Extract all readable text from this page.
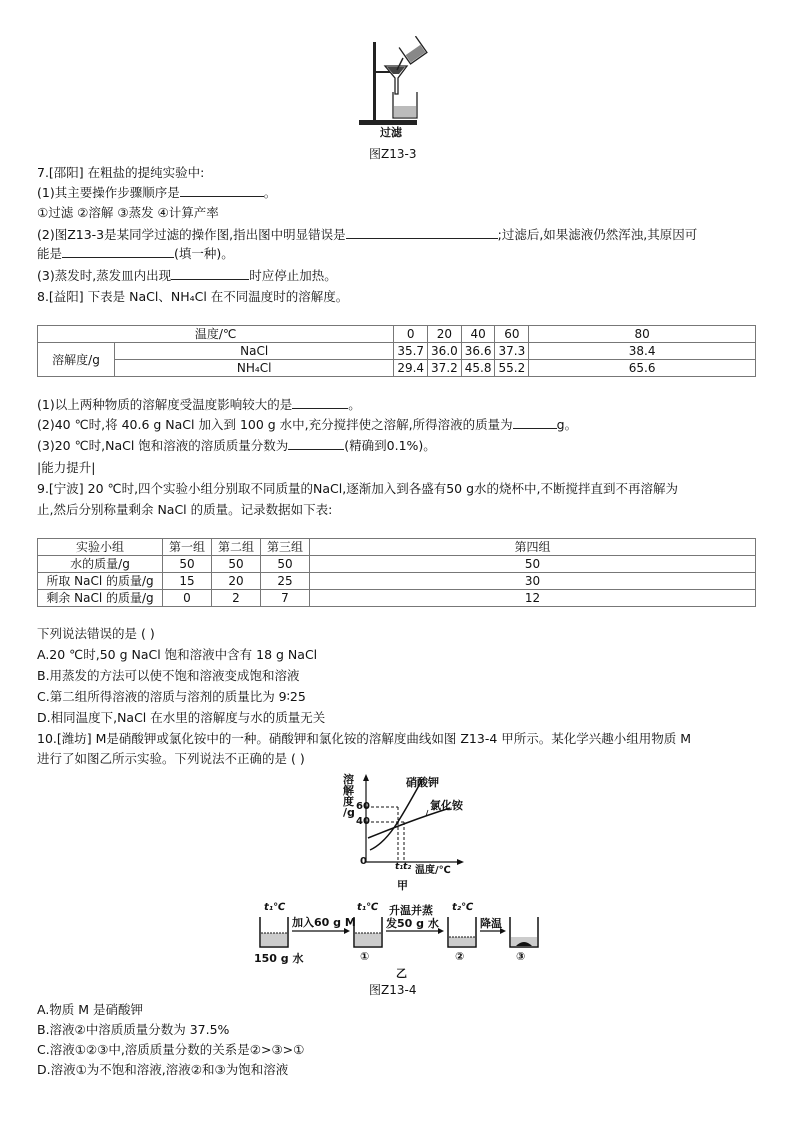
过滤
图Z13-3
7.[邵阳] 在粗盐的提纯实验中:
(1)其主要操作步骤顺序是	。
①过滤 ②溶解 ③蒸发 ④计算产率
(2)图Z13-3是某同学过滤的操作图,指出图中明显错误是	;过滤后,如果滤液仍然浑浊,其原因可
能是	(填一种)。
(3)蒸发时,蒸发皿内出现	时应停止加热。
8.[益阳] 下表是 NaCl、NH₄Cl 在不同温度时的溶解度。
温度/℃		0	20	40	60	80
溶解度/g	NaCl	35.7	36.0	36.6	37.3	38.4
	NH₄Cl	29.4	37.2	45.8	55.2	65.6
(1)以上两种物质的溶解度受温度影响较大的是	。
(2)40 ℃时,将 40.6 g NaCl 加入到 100 g 水中,充分搅拌使之溶解,所得溶液的质量为	g。
(3)20 ℃时,NaCl 饱和溶液的溶质质量分数为	(精确到0.1%)。
|能力提升|
9.[宁波] 20 ℃时,四个实验小组分别取不同质量的NaCl,逐渐加入到各盛有50 g水的烧杯中,不断搅拌直到不再溶解为
止,然后分别称量剩余 NaCl 的质量。记录数据如下表:
实验小组	第一组	第二组	第三组	第四组
水的质量/g	50	50	50	50
所取 NaCl 的质量/g	15	20	25	30
剩余 NaCl 的质量/g	0	2	7	12
下列说法错误的是 ( )
A.20 ℃时,50 g NaCl 饱和溶液中含有 18 g NaCl
B.用蒸发的方法可以使不饱和溶液变成饱和溶液
C.第二组所得溶液的溶质与溶剂的质量比为 9∶25
D.相同温度下,NaCl 在水里的溶解度与水的质量无关
10.[潍坊] M是硝酸钾或氯化铵中的一种。硝酸钾和氯化铵的溶解度曲线如图 Z13-4 甲所示。某化学兴趣小组用物质 M
进行了如图乙所示实验。下列说法不正确的是 ( )
溶
解
度
/g 60
40
0	t₁ t₂ 温度/℃
硝酸钾
氯化铵
甲
t₁℃
加入60 g M
t₁℃ 升温并蒸
发50 g 水
t₂℃
降温
150 g 水	①	②	③
乙
图Z13-4
A.物质 M 是硝酸钾
B.溶液②中溶质质量分数为 37.5%
C.溶液①②③中,溶质质量分数的关系是②>③>①
D.溶液①为不饱和溶液,溶液②和③为饱和溶液
